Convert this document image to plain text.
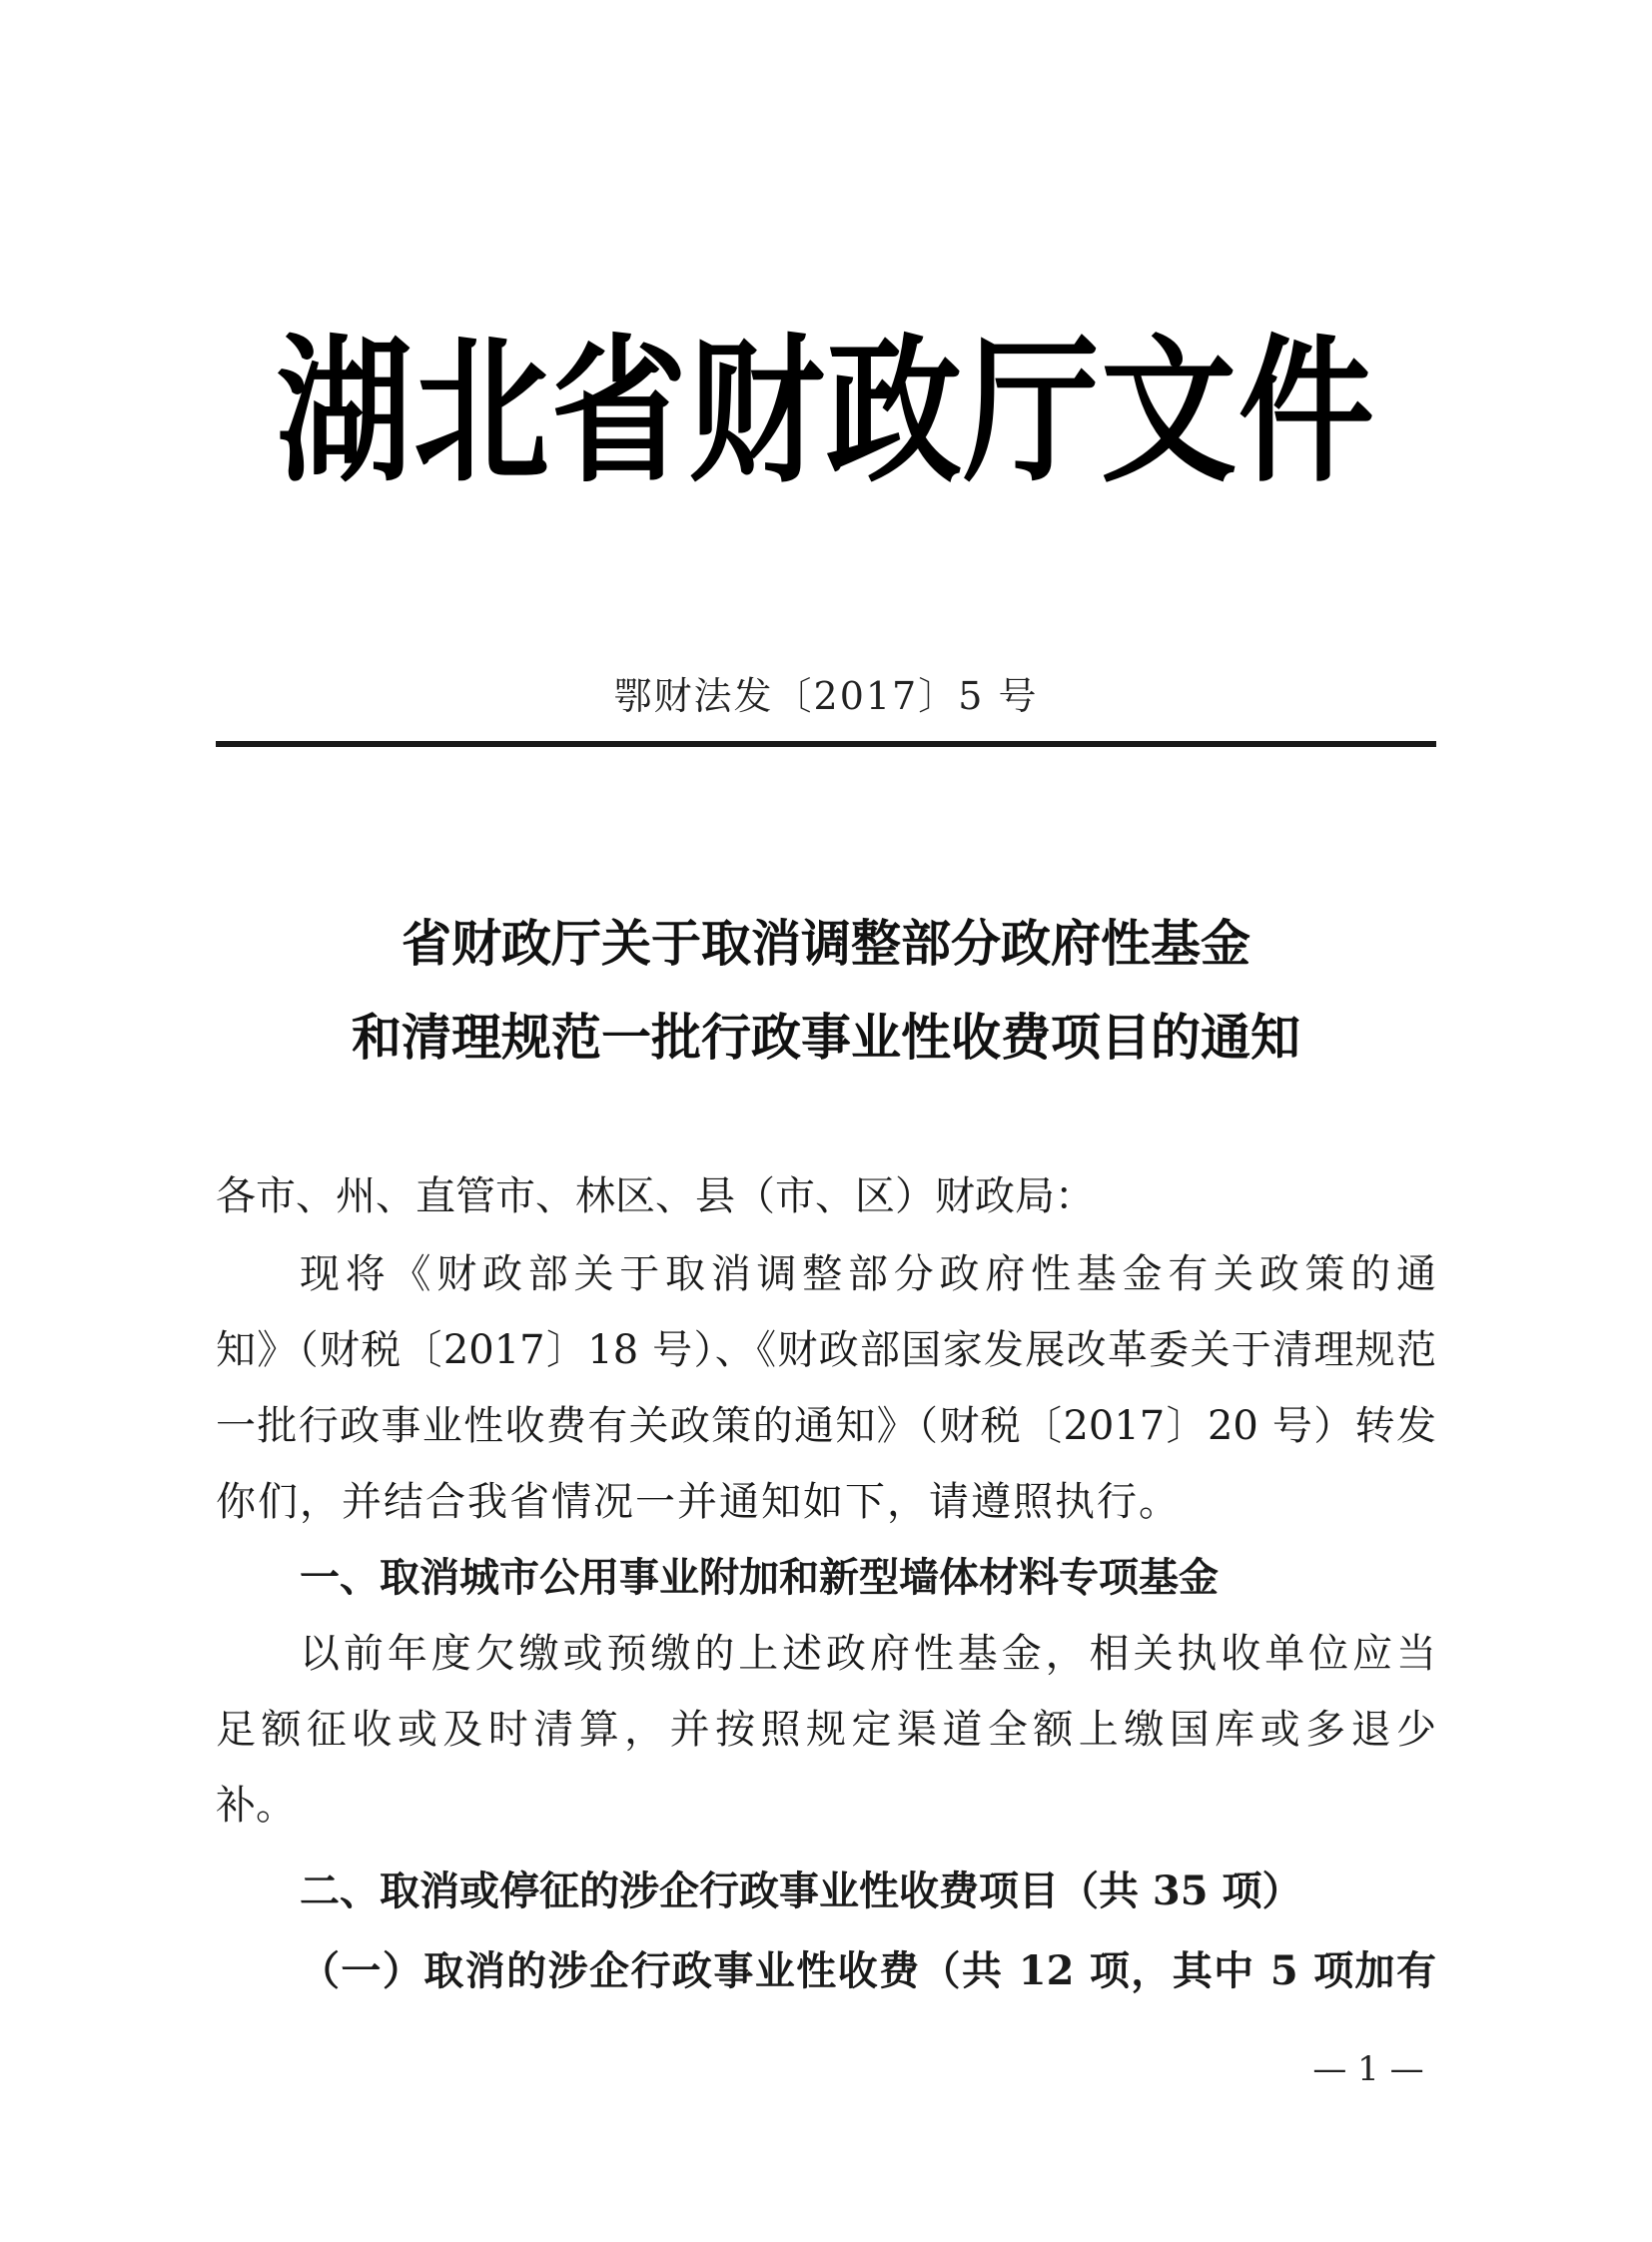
湖北省财政厅文件
鄂财法发〔2017〕5 号
省财政厅关于取消调整部分政府性基金
和清理规范一批行政事业性收费项目的通知
各市、州、直管市、林区、县（市、区）财政局：
现将《财政部关于取消调整部分政府性基金有关政策的通
知》（财税〔2017〕18 号）、《财政部国家发展改革委关于清理规范
一批行政事业性收费有关政策的通知》（财税〔2017〕20 号）转发
你们，并结合我省情况一并通知如下，请遵照执行。
一、取消城市公用事业附加和新型墙体材料专项基金
以前年度欠缴或预缴的上述政府性基金，相关执收单位应当
足额征收或及时清算，并按照规定渠道全额上缴国库或多退少
补。
二、取消或停征的涉企行政事业性收费项目（共 35 项）
（一）取消的涉企行政事业性收费（共 12 项，其中 5 项加有
— 1 —
